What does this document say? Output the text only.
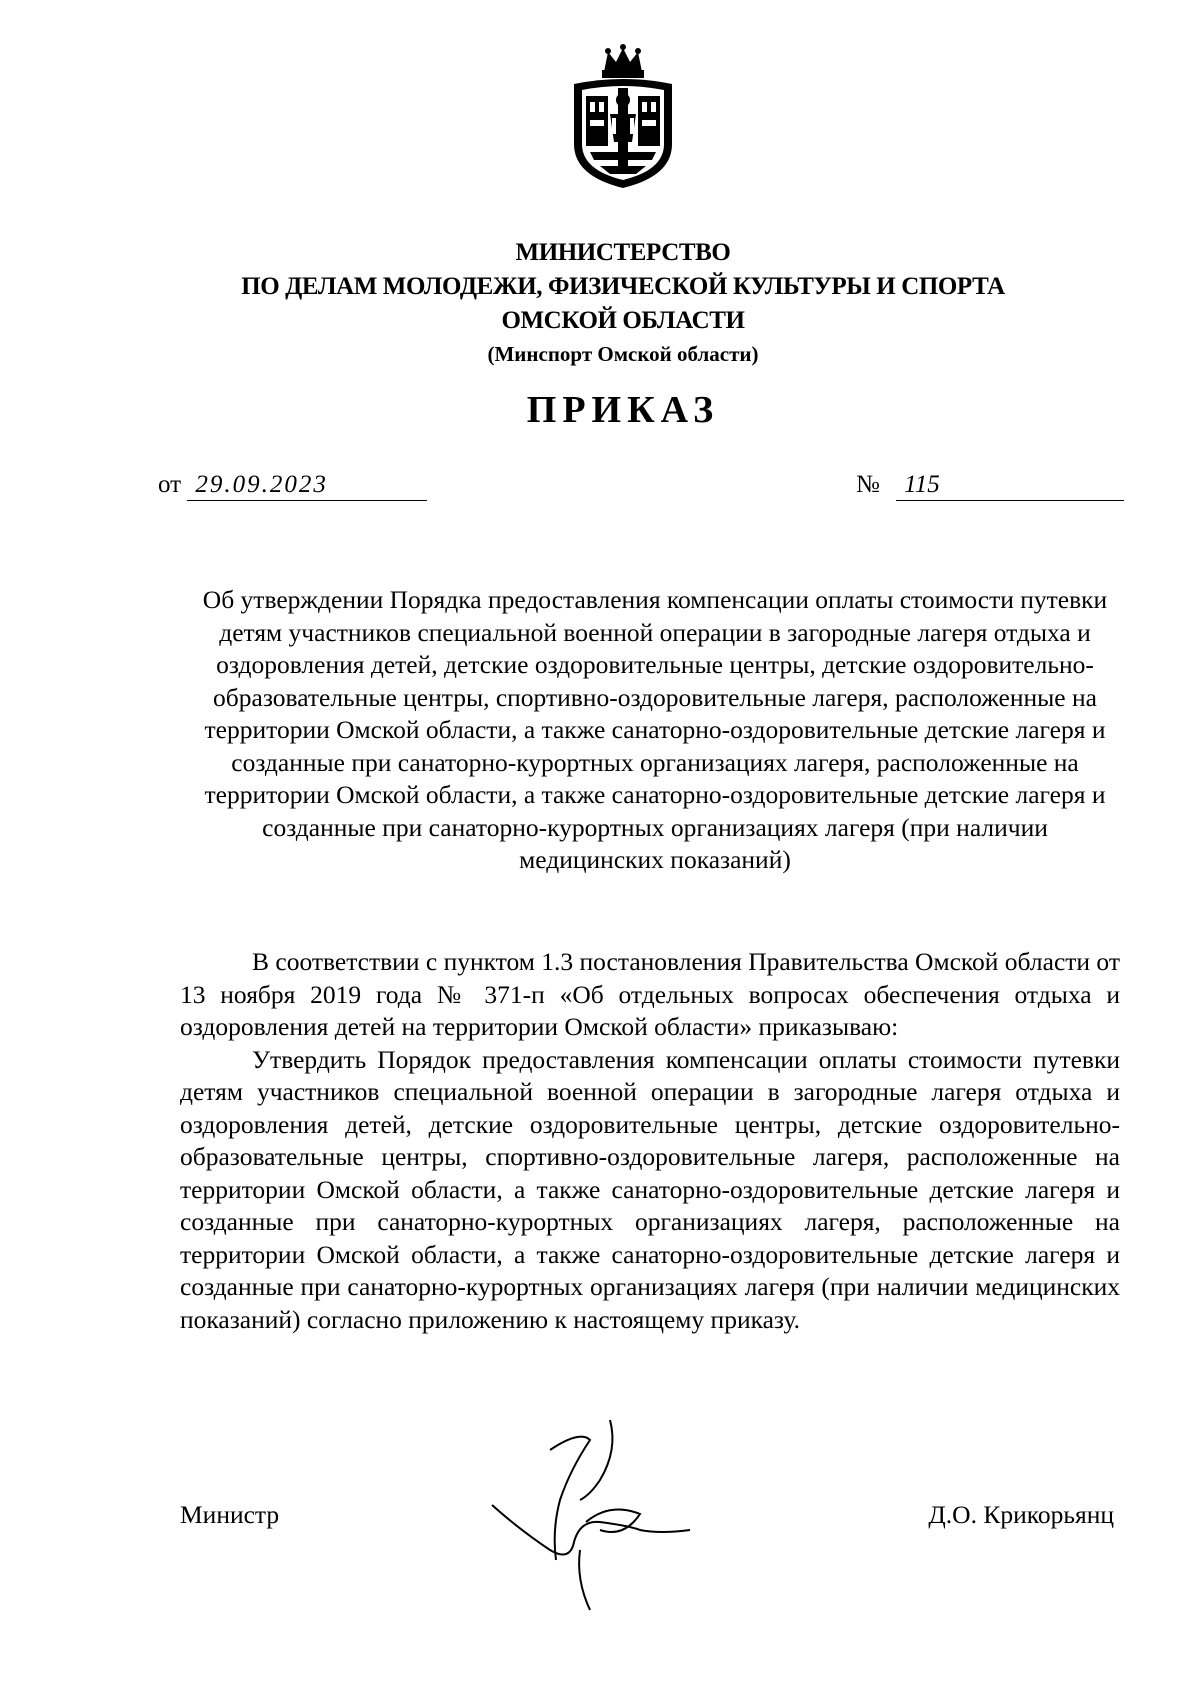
МИНИСТЕРСТВО
ПО ДЕЛАМ МОЛОДЕЖИ, ФИЗИЧЕСКОЙ КУЛЬТУРЫ И СПОРТА
ОМСКОЙ ОБЛАСТИ
(Минспорт Омской области)
ПРИКАЗ
от 29.09.2023	№ 115

Об утверждении Порядка предоставления компенсации оплаты стоимости путевки детям участников специальной военной операции в загородные лагеря отдыха и оздоровления детей, детские оздоровительные центры, детские оздоровительно-образовательные центры, спортивно-оздоровительные лагеря, расположенные на территории Омской области, а также санаторно-оздоровительные детские лагеря и созданные при санаторно-курортных организациях лагеря, расположенные на территории Омской области, а также санаторно-оздоровительные детские лагеря и созданные при санаторно-курортных организациях лагеря (при наличии медицинских показаний)

В соответствии с пунктом 1.3 постановления Правительства Омской области от 13 ноября 2019 года № 371-п «Об отдельных вопросах обеспечения отдыха и оздоровления детей на территории Омской области» приказываю:

Утвердить Порядок предоставления компенсации оплаты стоимости путевки детям участников специальной военной операции в загородные лагеря отдыха и оздоровления детей, детские оздоровительные центры, детские оздоровительно-образовательные центры, спортивно-оздоровительные лагеря, расположенные на территории Омской области, а также санаторно-оздоровительные детские лагеря и созданные при санаторно-курортных организациях лагеря, расположенные на территории Омской области, а также санаторно-оздоровительные детские лагеря и созданные при санаторно-курортных организациях лагеря (при наличии медицинских показаний) согласно приложению к настоящему приказу.

Министр	Д.О. Крикорьянц
